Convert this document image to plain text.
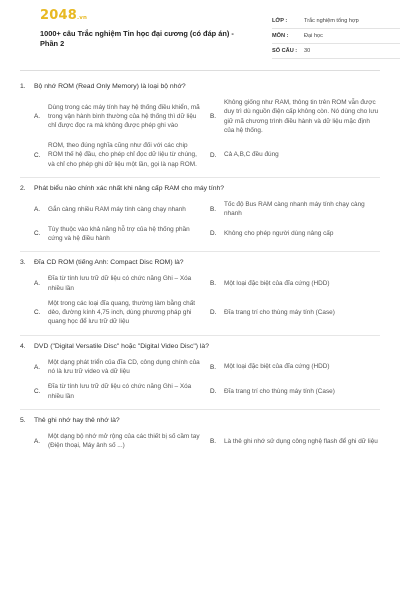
2048.vn
1000+ câu Trắc nghiệm Tin học đại cương (có đáp án) - Phần 2
LỚP :	Trắc nghiệm tổng hợp
MÔN :	Đại học
SỐ CÂU :	30
1.	Bộ nhớ ROM (Read Only Memory) là loại bộ nhớ?
A.
Dùng trong các máy tính hay hệ thống điều khiển, mã trong vận hành bình thường của hệ thống thì dữ liệu chỉ được đọc ra mà không được phép ghi vào
B.
Không giống như RAM, thông tin trên ROM vẫn được duy trì dù nguồn điện cấp không còn. Nó dùng cho lưu giữ mã chương trình điều hành và dữ liệu mặc định của hệ thống.
C.
ROM, theo đúng nghĩa cũng như đối với các chip ROM thế hệ đầu, cho phép chỉ đọc dữ liệu từ chúng, và chỉ cho phép ghi dữ liệu một lần, gọi là nạp ROM.
D.	Cả A,B,C đều đúng
2.	Phát biểu nào chính xác nhất khi nâng cấp RAM cho máy tính?
A.	Gắn càng nhiều RAM máy tính càng chạy nhanh	B.
Tốc độ Bus RAM càng nhanh máy tính chạy càng nhanh
C.
Tùy thuộc vào khả năng hỗ trợ của hệ thống phần cứng và hệ điều hành
D.	Không cho phép người dùng nâng cấp
3.	Đĩa CD ROM (tiếng Anh: Compact Disc ROM) là?
A.
Đĩa từ tính lưu trữ dữ liệu có chức năng Ghi – Xóa nhiều lần
B.	Một loại đặc biệt của đĩa cứng (HDD)
C.
Một trong các loại đĩa quang, thường làm bằng chất dẻo, đường kính 4,75 inch, dùng phương pháp ghi quang học để lưu trữ dữ liệu
D.	Đĩa trang trí cho thùng máy tính (Case)
4.	DVD ("Digital Versatile Disc" hoặc "Digital Video Disc") là?
A.
Một dạng phát triển của đĩa CD, công dụng chính của nó là lưu trữ video và dữ liệu
B.	Một loại đặc biệt của đĩa cứng (HDD)
C.
Đĩa từ tính lưu trữ dữ liệu có chức năng Ghi – Xóa nhiều lần
D.	Đĩa trang trí cho thùng máy tính (Case)
5.	Thẻ ghi nhớ hay thẻ nhớ là?
A.
Một dạng bộ nhớ mở rộng của các thiết bị số cầm tay (Điện thoại, Máy ảnh số ...)
B.	Là thẻ ghi nhớ sử dụng công nghệ flash để ghi dữ liệu
